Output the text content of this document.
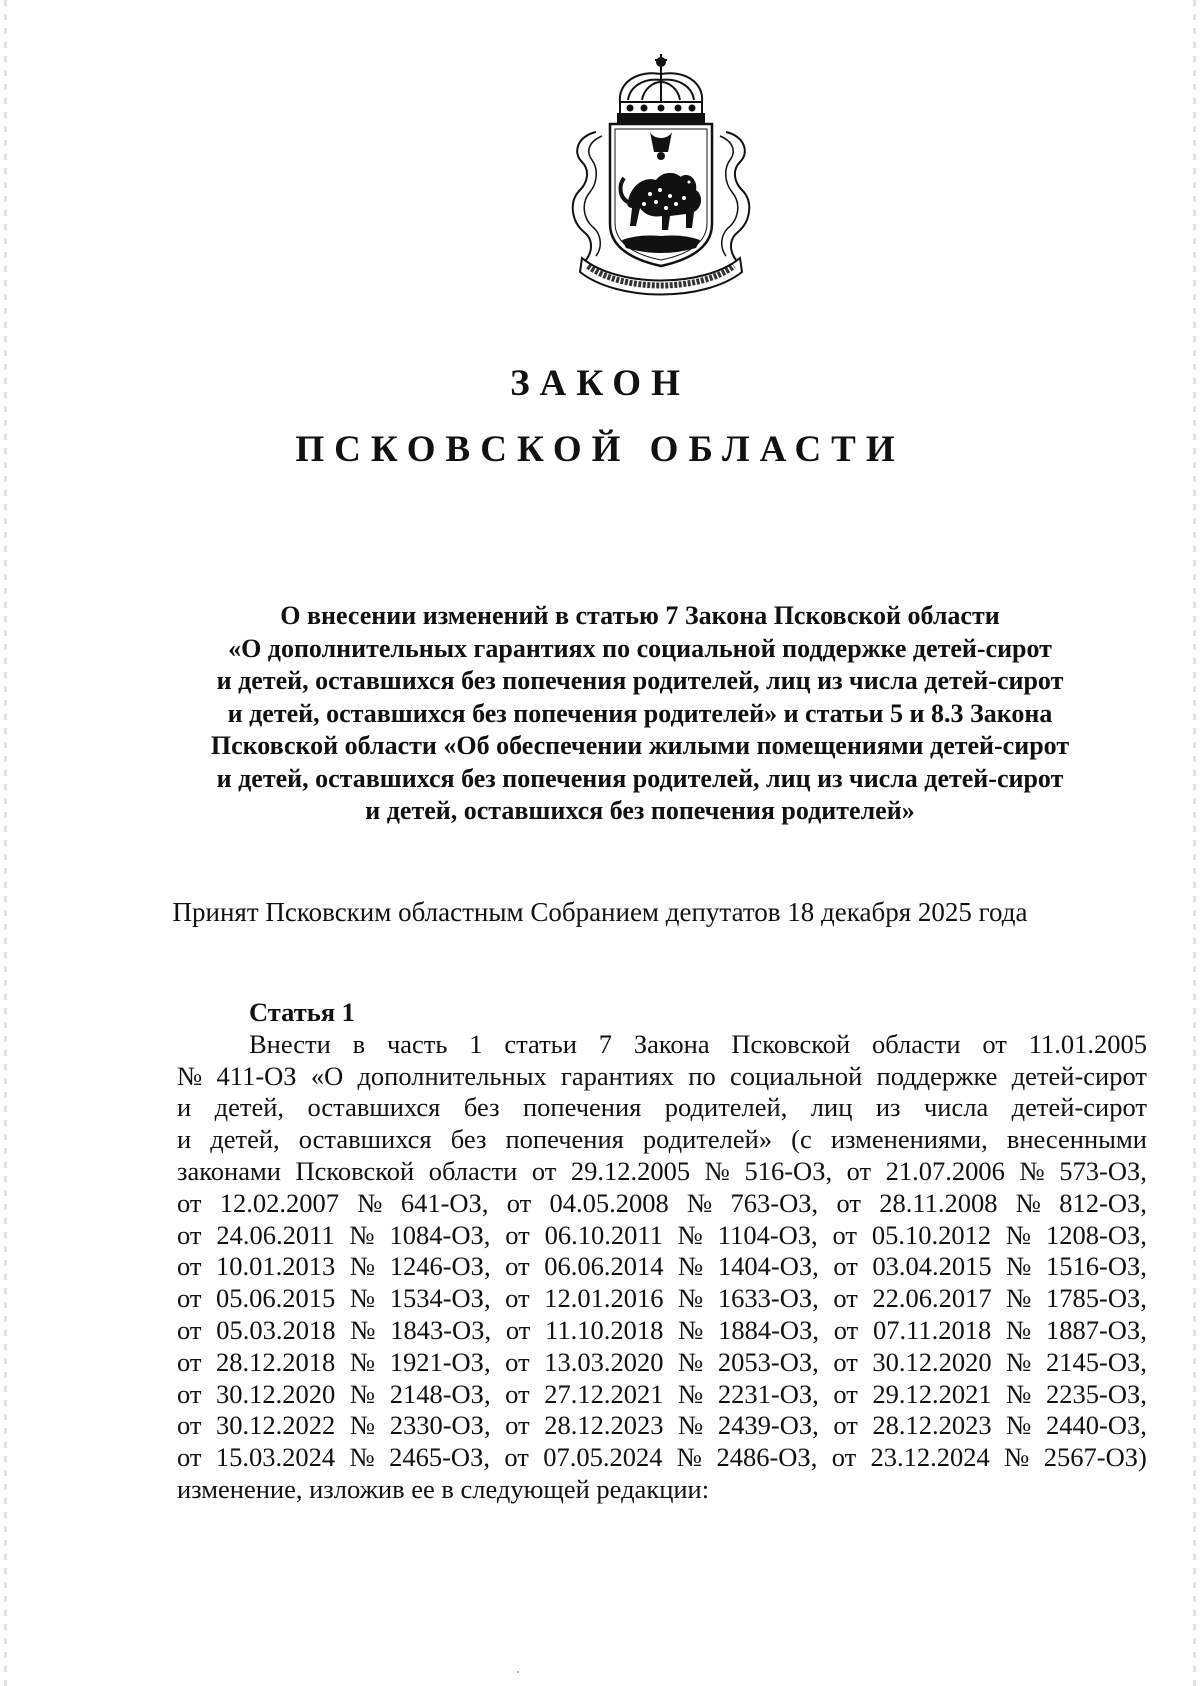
ЗАКОН
ПСКОВСКОЙ ОБЛАСТИ
О внесении изменений в статью 7 Закона Псковской области
«О дополнительных гарантиях по социальной поддержке детей-сирот
и детей, оставшихся без попечения родителей, лиц из числа детей-сирот
и детей, оставшихся без попечения родителей» и статьи 5 и 8.3 Закона
Псковской области «Об обеспечении жилыми помещениями детей-сирот
и детей, оставшихся без попечения родителей, лиц из числа детей-сирот
и детей, оставшихся без попечения родителей»
Принят Псковским областным Собранием депутатов 18 декабря 2025 года
Статья 1
Внести в часть 1 статьи 7 Закона Псковской области от 11.01.2005
№ 411-ОЗ «О дополнительных гарантиях по социальной поддержке детей-сирот
и детей, оставшихся без попечения родителей, лиц из числа детей-сирот
и детей, оставшихся без попечения родителей» (с изменениями, внесенными
законами Псковской области от 29.12.2005 № 516-ОЗ, от 21.07.2006 № 573-ОЗ,
от 12.02.2007 № 641-ОЗ, от 04.05.2008 № 763-ОЗ, от 28.11.2008 № 812-ОЗ,
от 24.06.2011 № 1084-ОЗ, от 06.10.2011 № 1104-ОЗ, от 05.10.2012 № 1208-ОЗ,
от 10.01.2013 № 1246-ОЗ, от 06.06.2014 № 1404-ОЗ, от 03.04.2015 № 1516-ОЗ,
от 05.06.2015 № 1534-ОЗ, от 12.01.2016 № 1633-ОЗ, от 22.06.2017 № 1785-ОЗ,
от 05.03.2018 № 1843-ОЗ, от 11.10.2018 № 1884-ОЗ, от 07.11.2018 № 1887-ОЗ,
от 28.12.2018 № 1921-ОЗ, от 13.03.2020 № 2053-ОЗ, от 30.12.2020 № 2145-ОЗ,
от 30.12.2020 № 2148-ОЗ, от 27.12.2021 № 2231-ОЗ, от 29.12.2021 № 2235-ОЗ,
от 30.12.2022 № 2330-ОЗ, от 28.12.2023 № 2439-ОЗ, от 28.12.2023 № 2440-ОЗ,
от 15.03.2024 № 2465-ОЗ, от 07.05.2024 № 2486-ОЗ, от 23.12.2024 № 2567-ОЗ)
изменение, изложив ее в следующей редакции:
